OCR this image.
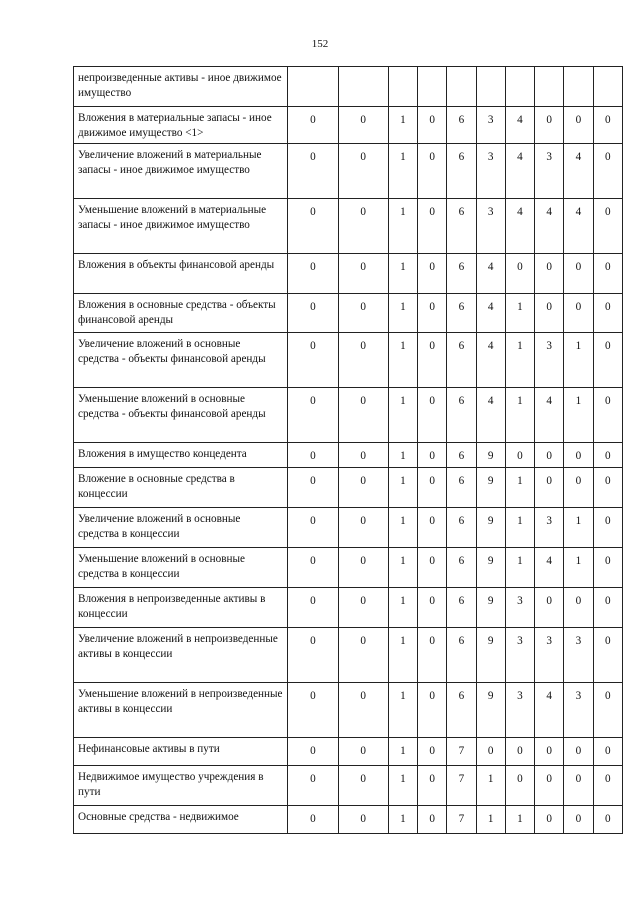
152
непроизведенные активы - иное движимое имущество										
Вложения в материальные запасы - иное движимое имущество <1>	0	0	1	0	6	3	4	0	0	0
Увеличение вложений в материальные запасы - иное движимое имущество	0	0	1	0	6	3	4	3	4	0
Уменьшение вложений в материальные запасы - иное движимое имущество	0	0	1	0	6	3	4	4	4	0
Вложения в объекты финансовой аренды	0	0	1	0	6	4	0	0	0	0
Вложения в основные средства - объекты финансовой аренды	0	0	1	0	6	4	1	0	0	0
Увеличение вложений в основные средства - объекты финансовой аренды	0	0	1	0	6	4	1	3	1	0
Уменьшение вложений в основные средства - объекты финансовой аренды	0	0	1	0	6	4	1	4	1	0
Вложения в имущество концедента	0	0	1	0	6	9	0	0	0	0
Вложение в основные средства в концессии	0	0	1	0	6	9	1	0	0	0
Увеличение вложений в основные средства в концессии	0	0	1	0	6	9	1	3	1	0
Уменьшение вложений в основные средства в концессии	0	0	1	0	6	9	1	4	1	0
Вложения в непроизведенные активы в концессии	0	0	1	0	6	9	3	0	0	0
Увеличение вложений в непроизведенные активы в концессии	0	0	1	0	6	9	3	3	3	0
Уменьшение вложений в непроизведенные активы в концессии	0	0	1	0	6	9	3	4	3	0
Нефинансовые активы в пути	0	0	1	0	7	0	0	0	0	0
Недвижимое имущество учреждения в пути	0	0	1	0	7	1	0	0	0	0
Основные средства - недвижимое	0	0	1	0	7	1	1	0	0	0
